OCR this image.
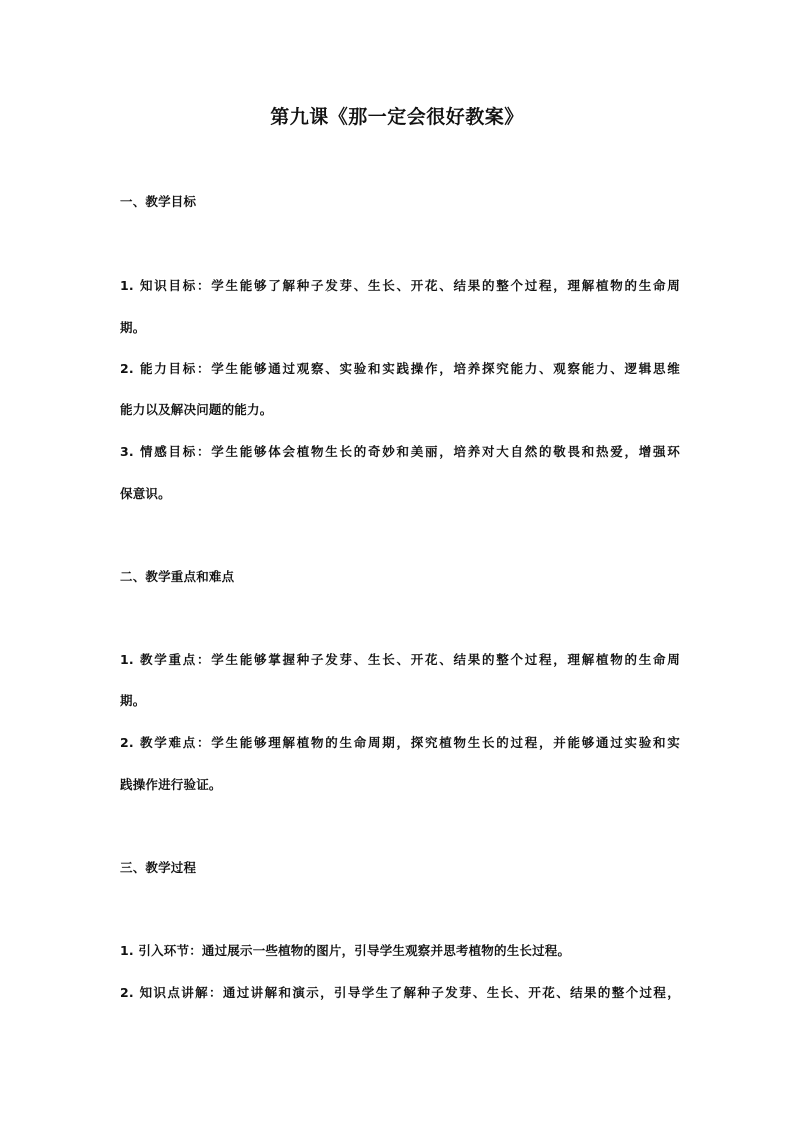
第九课《那一定会很好教案》
一、教学目标
1. 知识目标：学生能够了解种子发芽、生长、开花、结果的整个过程，理解植物的生命周
期。
2. 能力目标：学生能够通过观察、实验和实践操作，培养探究能力、观察能力、逻辑思维
能力以及解决问题的能力。
3. 情感目标：学生能够体会植物生长的奇妙和美丽，培养对大自然的敬畏和热爱，增强环
保意识。
二、教学重点和难点
1. 教学重点：学生能够掌握种子发芽、生长、开花、结果的整个过程，理解植物的生命周
期。
2. 教学难点：学生能够理解植物的生命周期，探究植物生长的过程，并能够通过实验和实
践操作进行验证。
三、教学过程
1. 引入环节：通过展示一些植物的图片，引导学生观察并思考植物的生长过程。
2. 知识点讲解：通过讲解和演示，引导学生了解种子发芽、生长、开花、结果的整个过程，
